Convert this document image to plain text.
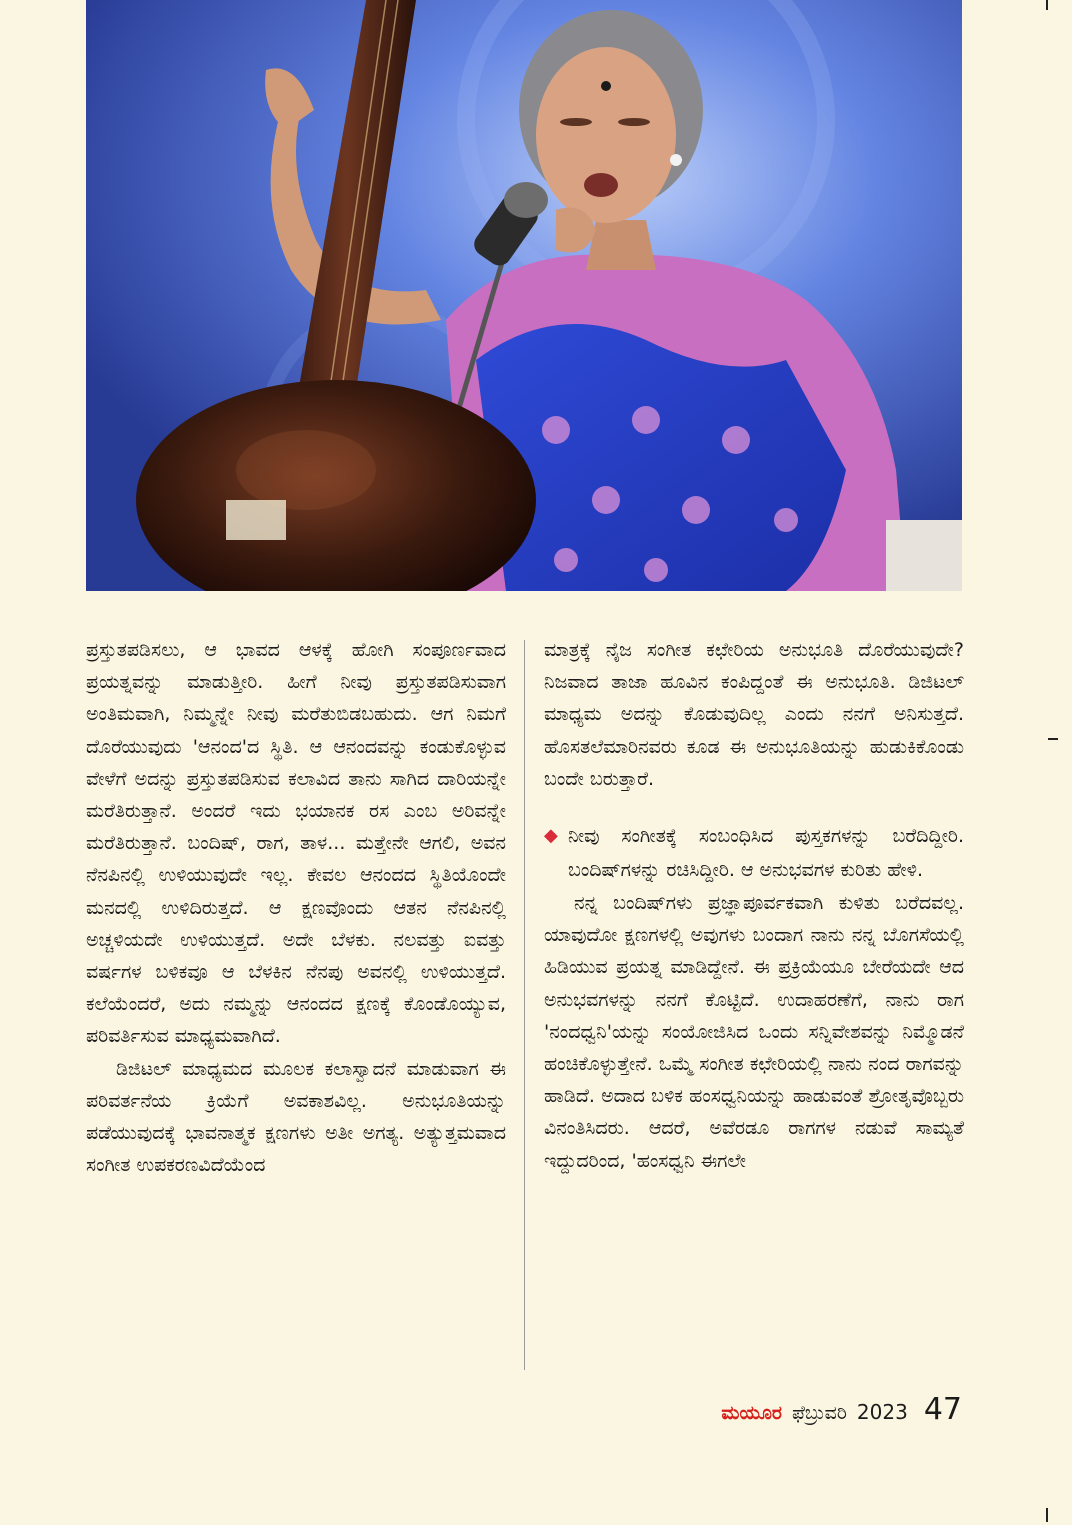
ಪ್ರಸ್ತುತಪಡಿಸಲು, ಆ ಭಾವದ ಆಳಕ್ಕೆ ಹೋಗಿ ಸಂಪೂರ್ಣವಾದ ಪ್ರಯತ್ನವನ್ನು ಮಾಡುತ್ತೀರಿ. ಹೀಗೆ ನೀವು ಪ್ರಸ್ತುತಪಡಿಸುವಾಗ ಅಂತಿಮವಾಗಿ, ನಿಮ್ಮನ್ನೇ ನೀವು ಮರೆತುಬಿಡಬಹುದು. ಆಗ ನಿಮಗೆ ದೊರೆಯುವುದು 'ಆನಂದ'ದ ಸ್ಥಿತಿ. ಆ ಆನಂದವನ್ನು ಕಂಡುಕೊಳ್ಳುವ ವೇಳೆಗೆ ಅದನ್ನು ಪ್ರಸ್ತುತಪಡಿಸುವ ಕಲಾವಿದ ತಾನು ಸಾಗಿದ ದಾರಿಯನ್ನೇ ಮರೆತಿರುತ್ತಾನೆ. ಅಂದರೆ ಇದು ಭಯಾನಕ ರಸ ಎಂಬ ಅರಿವನ್ನೇ ಮರೆತಿರುತ್ತಾನೆ. ಬಂದಿಷ್, ರಾಗ, ತಾಳ... ಮತ್ತೇನೇ ಆಗಲಿ, ಅವನ ನೆನಪಿನಲ್ಲಿ ಉಳಿಯುವುದೇ ಇಲ್ಲ. ಕೇವಲ ಆನಂದದ ಸ್ಥಿತಿಯೊಂದೇ ಮನದಲ್ಲಿ ಉಳಿದಿರುತ್ತದೆ. ಆ ಕ್ಷಣವೊಂದು ಆತನ ನೆನಪಿನಲ್ಲಿ ಅಚ್ಚಳಿಯದೇ ಉಳಿಯುತ್ತದೆ. ಅದೇ ಬೆಳಕು. ನಲವತ್ತು ಐವತ್ತು ವರ್ಷಗಳ ಬಳಿಕವೂ ಆ ಬೆಳಕಿನ ನೆನಪು ಅವನಲ್ಲಿ ಉಳಿಯುತ್ತದೆ. ಕಲೆಯೆಂದರೆ, ಅದು ನಮ್ಮನ್ನು ಆನಂದದ ಕ್ಷಣಕ್ಕೆ ಕೊಂಡೊಯ್ಯುವ, ಪರಿವರ್ತಿಸುವ ಮಾಧ್ಯಮವಾಗಿದೆ.

ಡಿಜಿಟಲ್ ಮಾಧ್ಯಮದ ಮೂಲಕ ಕಲಾಸ್ವಾದನೆ ಮಾಡುವಾಗ ಈ ಪರಿವರ್ತನೆಯ ಕ್ರಿಯೆಗೆ ಅವಕಾಶವಿಲ್ಲ. ಅನುಭೂತಿಯನ್ನು ಪಡೆಯುವುದಕ್ಕೆ ಭಾವನಾತ್ಮಕ ಕ್ಷಣಗಳು ಅತೀ ಅಗತ್ಯ. ಅತ್ಯುತ್ತಮವಾದ ಸಂಗೀತ ಉಪಕರಣವಿದೆಯೆಂದ

ಮಾತ್ರಕ್ಕೆ ನೈಜ ಸಂಗೀತ ಕಛೇರಿಯ ಅನುಭೂತಿ ದೊರೆಯುವುದೇ? ನಿಜವಾದ ತಾಜಾ ಹೂವಿನ ಕಂಪಿದ್ದಂತೆ ಈ ಅನುಭೂತಿ. ಡಿಜಿಟಲ್ ಮಾಧ್ಯಮ ಅದನ್ನು ಕೊಡುವುದಿಲ್ಲ ಎಂದು ನನಗೆ ಅನಿಸುತ್ತದೆ. ಹೊಸತಲೆಮಾರಿನವರು ಕೂಡ ಈ ಅನುಭೂತಿಯನ್ನು ಹುಡುಕಿಕೊಂಡು ಬಂದೇ ಬರುತ್ತಾರೆ.

◆ ನೀವು ಸಂಗೀತಕ್ಕೆ ಸಂಬಂಧಿಸಿದ ಪುಸ್ತಕಗಳನ್ನು ಬರೆದಿದ್ದೀರಿ. ಬಂದಿಷ್‌ಗಳನ್ನು ರಚಿಸಿದ್ದೀರಿ. ಆ ಅನುಭವಗಳ ಕುರಿತು ಹೇಳಿ.

ನನ್ನ ಬಂದಿಷ್‌ಗಳು ಪ್ರಜ್ಞಾಪೂರ್ವಕವಾಗಿ ಕುಳಿತು ಬರೆದವಲ್ಲ. ಯಾವುದೋ ಕ್ಷಣಗಳಲ್ಲಿ ಅವುಗಳು ಬಂದಾಗ ನಾನು ನನ್ನ ಬೊಗಸೆಯಲ್ಲಿ ಹಿಡಿಯುವ ಪ್ರಯತ್ನ ಮಾಡಿದ್ದೇನೆ. ಈ ಪ್ರಕ್ರಿಯೆಯೂ ಬೇರೆಯದೇ ಆದ ಅನುಭವಗಳನ್ನು ನನಗೆ ಕೊಟ್ಟಿದೆ. ಉದಾಹರಣೆಗೆ, ನಾನು ರಾಗ 'ನಂದಧ್ವನಿ'ಯನ್ನು ಸಂಯೋಜಿಸಿದ ಒಂದು ಸನ್ನಿವೇಶವನ್ನು ನಿಮ್ಮೊಡನೆ ಹಂಚಿಕೊಳ್ಳುತ್ತೇನೆ. ಒಮ್ಮೆ ಸಂಗೀತ ಕಛೇರಿಯಲ್ಲಿ ನಾನು ನಂದ ರಾಗವನ್ನು ಹಾಡಿದೆ. ಅದಾದ ಬಳಿಕ ಹಂಸಧ್ವನಿಯನ್ನು ಹಾಡುವಂತೆ ಶ್ರೋತೃವೊಬ್ಬರು ವಿನಂತಿಸಿದರು. ಆದರೆ, ಅವೆರಡೂ ರಾಗಗಳ ನಡುವೆ ಸಾಮ್ಯತೆ ಇದ್ದುದರಿಂದ, 'ಹಂಸಧ್ವನಿ ಈಗಲೇ

ಮಯೂರ ಫೆಬ್ರುವರಿ 2023 47
